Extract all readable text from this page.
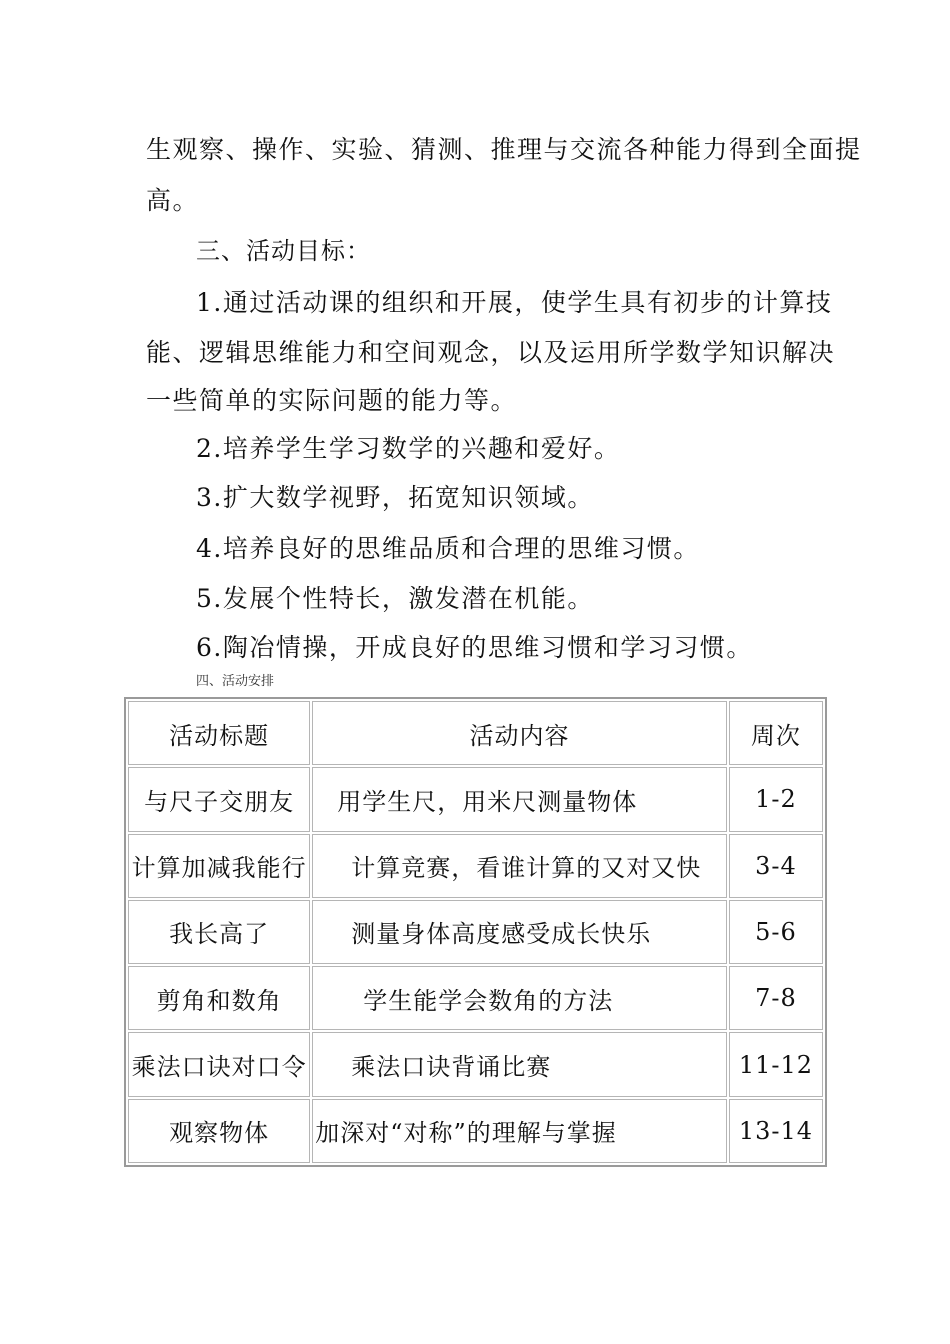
生观察、操作、实验、猜测、推理与交流各种能力得到全面提
高。
三、活动目标：
1.通过活动课的组织和开展，使学生具有初步的计算技
能、逻辑思维能力和空间观念，以及运用所学数学知识解决
一些简单的实际问题的能力等。
2.培养学生学习数学的兴趣和爱好。
3.扩大数学视野，拓宽知识领域。
4.培养良好的思维品质和合理的思维习惯。
5.发展个性特长，激发潜在机能。
6.陶冶情操，开成良好的思维习惯和学习习惯。
四、活动安排
活动标题	活动内容	周次
与尺子交朋友	用学生尺，用米尺测量物体	1-2
计算加减我能行	计算竞赛，看谁计算的又对又快	3-4
我长高了	测量身体高度感受成长快乐	5-6
剪角和数角	学生能学会数角的方法	7-8
乘法口诀对口令	乘法口诀背诵比赛	11-12
观察物体	加深对“对称”的理解与掌握	13-14
